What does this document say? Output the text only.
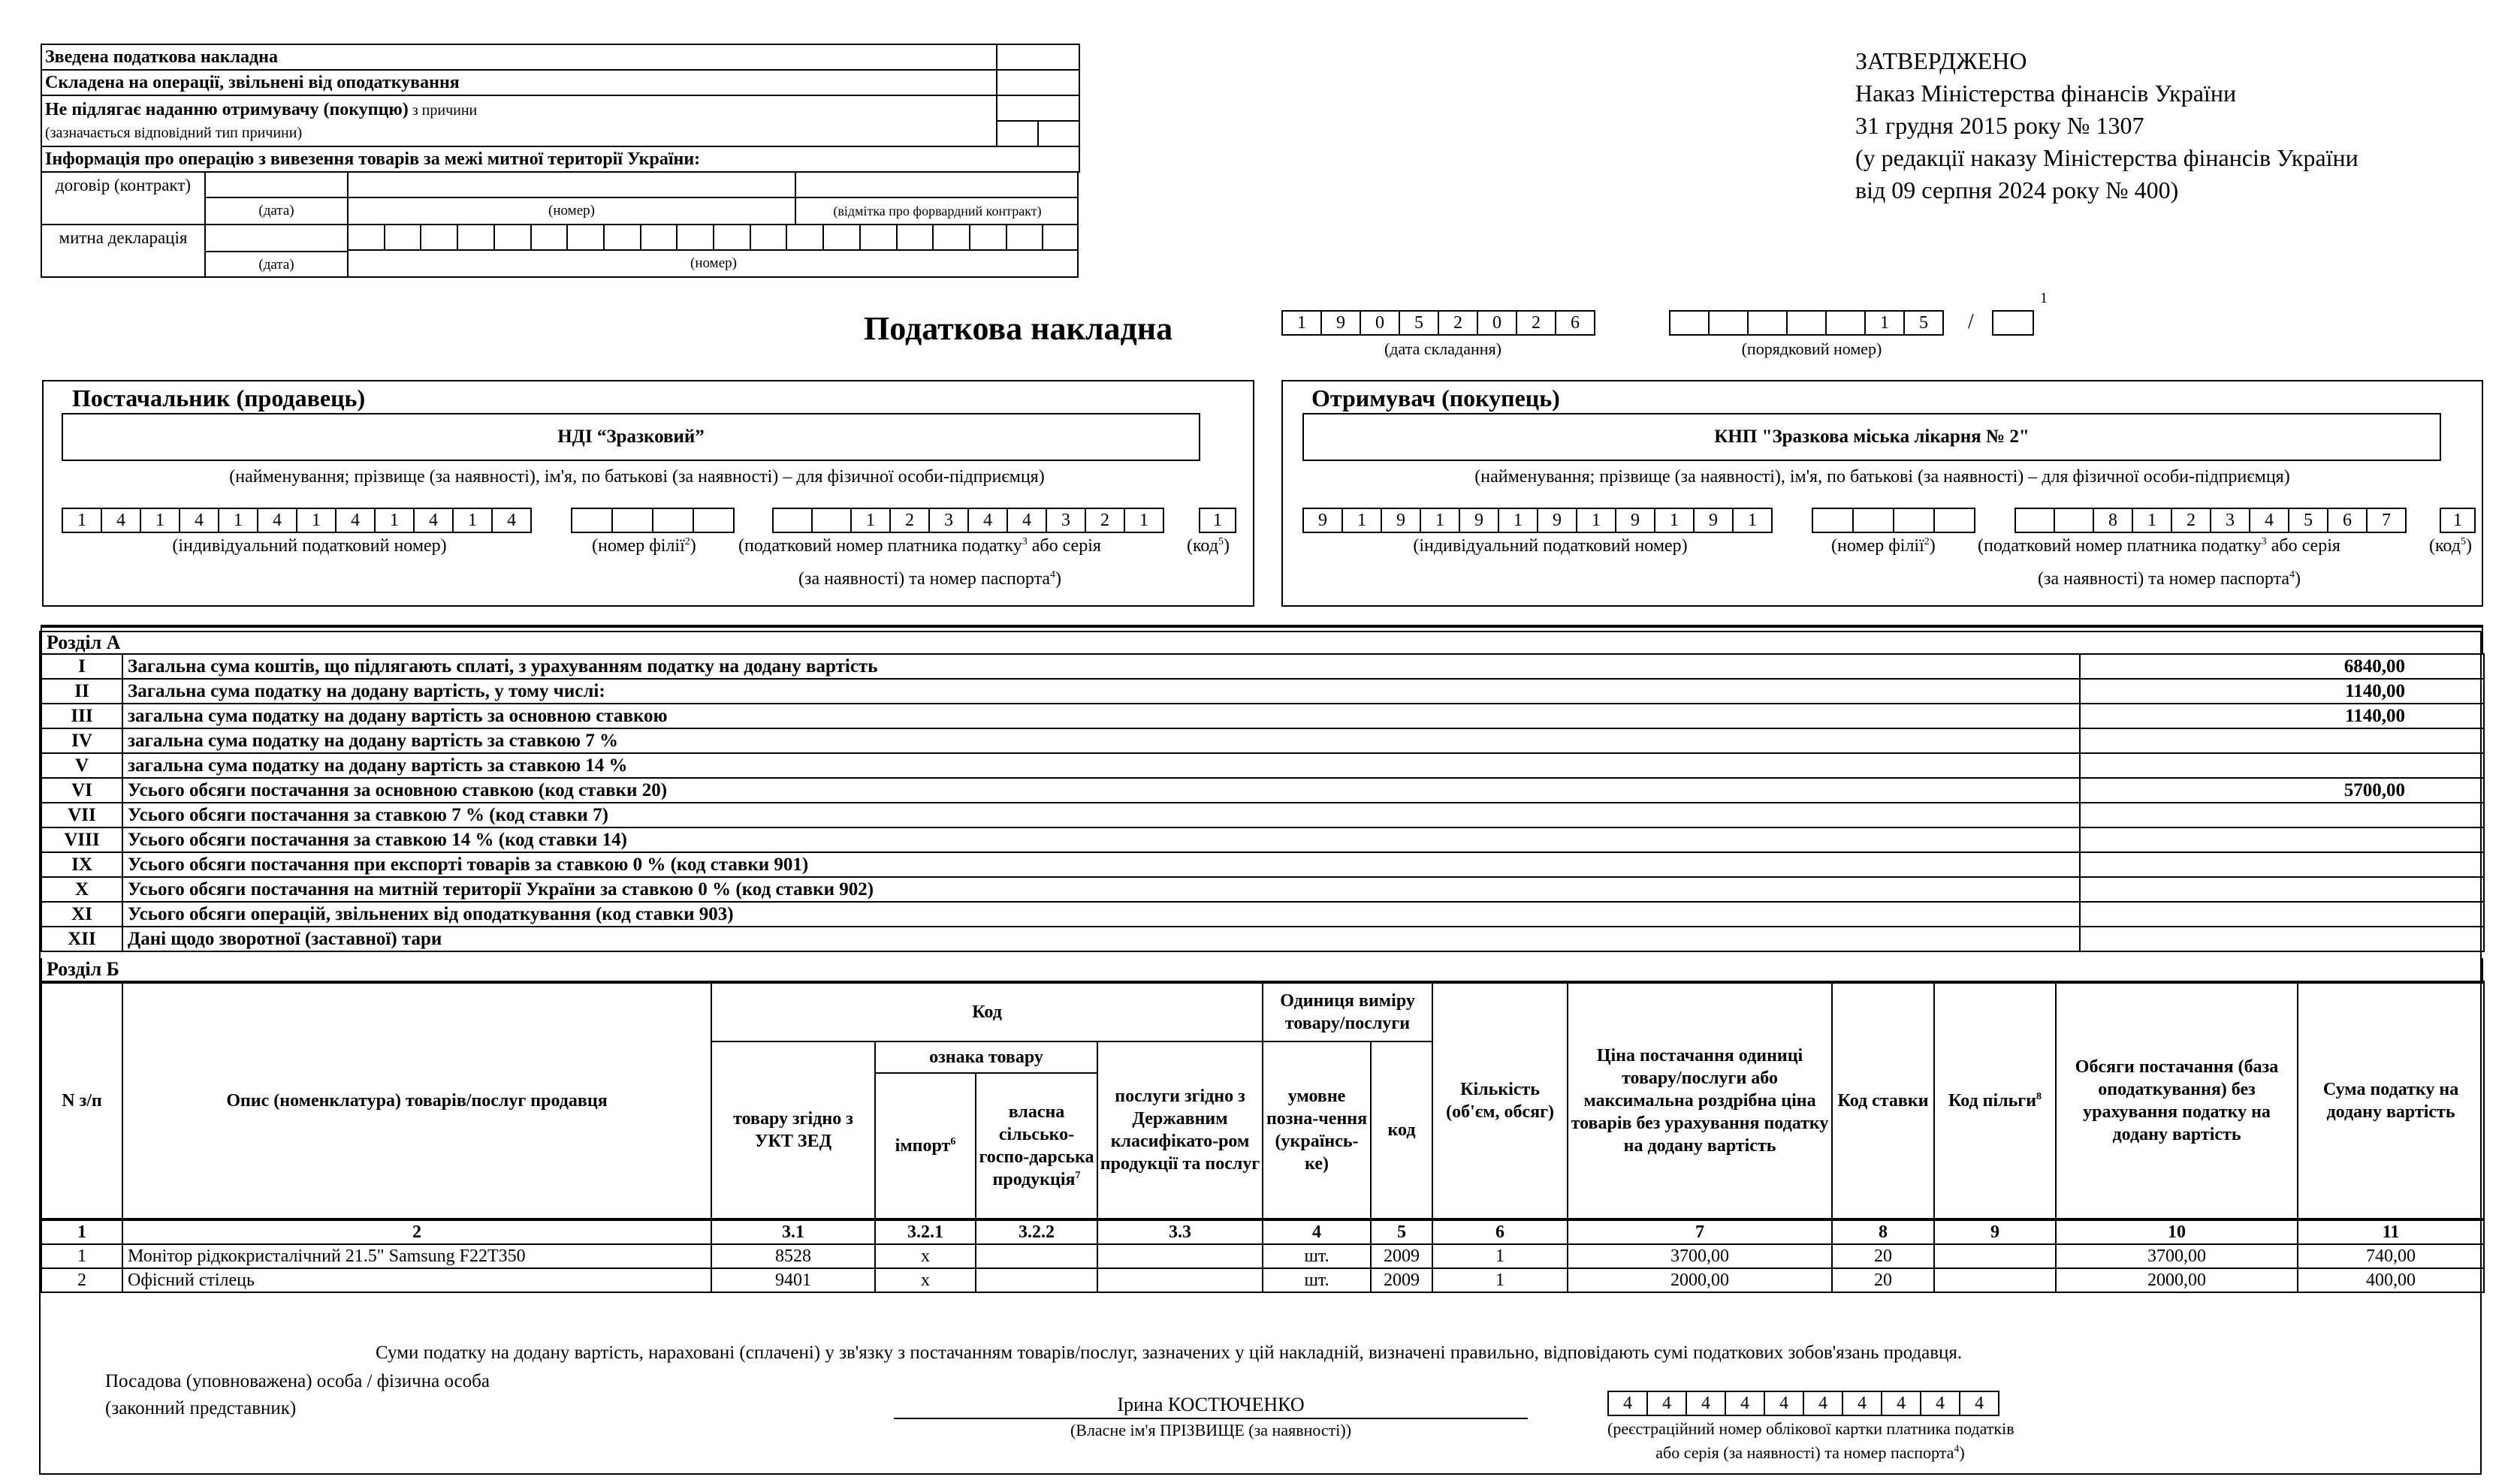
Зведена податкова накладна	
Складена на операції, звільнені від оподаткування	
Не підлягає наданню отримувачу (покупцю) з причини
(зазначається відповідний тип причини)	

Інформація про операцію з вивезення товарів за межі митної території України:	
договір (контракт)
митна декларація
(дата)
(дата)
(номер)	(відмітка про форвардний контракт)
(номер)
ЗАТВЕРДЖЕНО
Наказ Міністерства фінансів України
31 грудня 2015 року № 1307
(у редакції наказу Міністерства фінансів України
від 09 серпня 2024 року № 400)
Податкова накладна	1	9	0	5	2	0	2	6
(дата складання)
1	5	/
1
(порядковий номер)
Постачальник (продавець)
НДІ “Зразковий”
(найменування; прізвище (за наявності), ім'я, по батькові (за наявності) – для фізичної особи-підприємця)
1	4	1	4	1	4	1	4	1	4	1	4	1	2	3	4	4	3	2	1	1
(індивідуальний податковий номер)	(номер філії$^2$) (податковий номер платника податку$^3$ або серія	(код$^5$)
(за наявності) та номер паспорта$^4$)
Отримувач (покупець)
КНП "Зразкова міська лікарня № 2"
(найменування; прізвище (за наявності), ім'я, по батькові (за наявності) – для фізичної особи-підприємця)
9	1	9	1	9	1	9	1	9	1	9	1	8	1	2	3	4	5	6	7	1
(індивідуальний податковий номер)	(номер філії$^2$) (податковий номер платника податку$^3$ або серія	(код$^5$)
(за наявності) та номер паспорта$^4$)
Розділ А
I	Загальна сума коштів, що підлягають сплаті, з урахуванням податку на додану вартість	6840,00
II	Загальна сума податку на додану вартість, у тому числі:	1140,00
III	загальна сума податку на додану вартість за основною ставкою	1140,00
IV	загальна сума податку на додану вартість за ставкою 7 %	
V	загальна сума податку на додану вартість за ставкою 14 %	
VI	Усього обсяги постачання за основною ставкою (код ставки 20)	5700,00
VII	Усього обсяги постачання за ставкою 7 % (код ставки 7)	
VIII	Усього обсяги постачання за ставкою 14 % (код ставки 14)	
IX	Усього обсяги постачання при експорті товарів за ставкою 0 % (код ставки 901)	
X	Усього обсяги постачання на митній території України за ставкою 0 % (код ставки 902)	
XI	Усього обсяги операцій, звільнених від оподаткування (код ставки 903)	
XII	Дані щодо зворотної (заставної) тари	
Розділ Б
N з/п	Опис (номенклатура) товарів/послуг продавця	Код				Одиниця виміру товару/послуги		Кількість (об'єм, обсяг)	Ціна постачання одиниці товару/послуги або максимальна роздрібна ціна товарів без урахування податку на додану вартість	Код ставки	Код пільги$^8$	Обсяги постачання (база оподаткування) без урахування податку на додану вартість	Сума податку на додану вартість
		товару згідно з УКТ ЗЕД	ознака товару		послуги згідно з Державним класифікато-ром продукції та послуг	умовне позна-чення (українсь-ке)	код						
			імпорт$^6$	власна сільсько-госпо-дарська продукція$^7$
1	2	3.1	3.2.1	3.2.2	3.3	4	5	6	7	8	9	10	11
1	Монітор рідкокристалічний 21.5" Samsung F22T350	8528	х			шт.	2009	1	3700,00	20		3700,00	740,00
2	Офісний стілець	9401	х			шт.	2009	1	2000,00	20		2000,00	400,00
Суми податку на додану вартість, нараховані (сплачені) у зв'язку з постачанням товарів/послуг, зазначених у цій накладній, визначені правильно, відповідають сумі податкових зобов'язань продавця.
Посадова (уповноважена) особа / фізична особа
(законний представник)	Ірина КОСТЮЧЕНКО
(Власне ім'я ПРІЗВИЩЕ (за наявності))
4	4	4	4	4	4	4	4	4	4
(реєстраційний номер облікової картки платника податків
або серія (за наявності) та номер паспорта$^4$)
